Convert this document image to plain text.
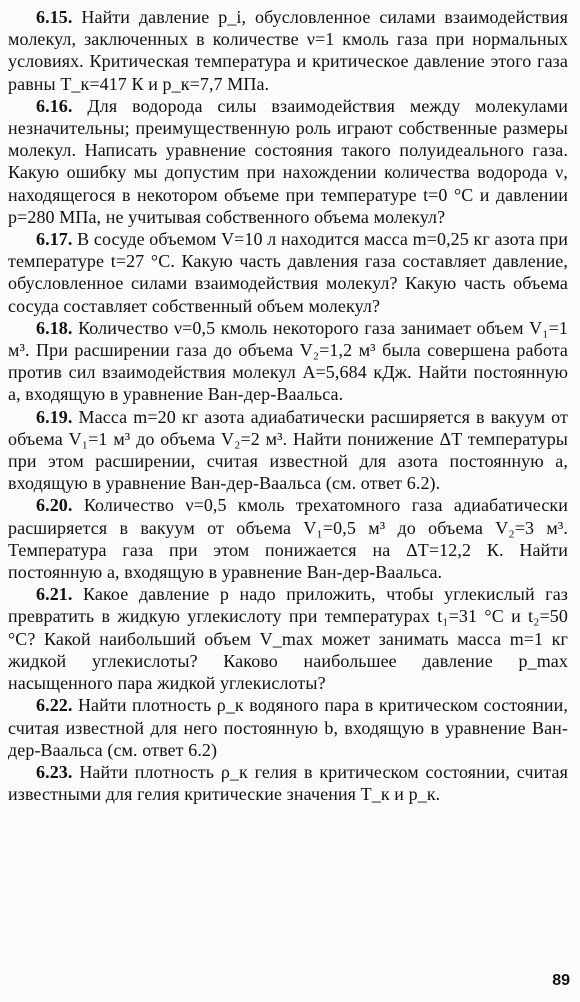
6.15. Найти давление p_i, обусловленное силами взаимодействия молекул, заключенных в количестве ν=1 кмоль газа при нормальных условиях. Критическая температура и критическое давление этого газа равны T_к=417 К и p_к=7,7 МПа.

6.16. Для водорода силы взаимодействия между молекулами незначительны; преимущественную роль играют собственные размеры молекул. Написать уравнение состояния такого полуидеального газа. Какую ошибку мы допустим при нахождении количества водорода ν, находящегося в некотором объеме при температуре t=0 °С и давлении p=280 МПа, не учитывая собственного объема молекул?

6.17. В сосуде объемом V=10 л находится масса m=0,25 кг азота при температуре t=27 °С. Какую часть давления газа составляет давление, обусловленное силами взаимодействия молекул? Какую часть объема сосуда составляет собственный объем молекул?

6.18. Количество ν=0,5 кмоль некоторого газа занимает объем V₁=1 м³. При расширении газа до объема V₂=1,2 м³ была совершена работа против сил взаимодействия молекул A=5,684 кДж. Найти постоянную a, входящую в уравнение Ван-дер-Ваальса.

6.19. Масса m=20 кг азота адиабатически расширяется в вакуум от объема V₁=1 м³ до объема V₂=2 м³. Найти понижение ΔT температуры при этом расширении, считая известной для азота постоянную a, входящую в уравнение Ван-дер-Ваальса (см. ответ 6.2).

6.20. Количество ν=0,5 кмоль трехатомного газа адиабатически расширяется в вакуум от объема V₁=0,5 м³ до объема V₂=3 м³. Температура газа при этом понижается на ΔT=12,2 К. Найти постоянную a, входящую в уравнение Ван-дер-Ваальса.

6.21. Какое давление p надо приложить, чтобы углекислый газ превратить в жидкую углекислоту при температурах t₁=31 °С и t₂=50 °С? Какой наибольший объем V_max может занимать масса m=1 кг жидкой углекислоты? Каково наибольшее давление p_max насыщенного пара жидкой углекислоты?

6.22. Найти плотность ρ_к водяного пара в критическом состоянии, считая известной для него постоянную b, входящую в уравнение Ван-дер-Ваальса (см. ответ 6.2)

6.23. Найти плотность ρ_к гелия в критическом состоянии, считая известными для гелия критические значения T_к и p_к.

89
